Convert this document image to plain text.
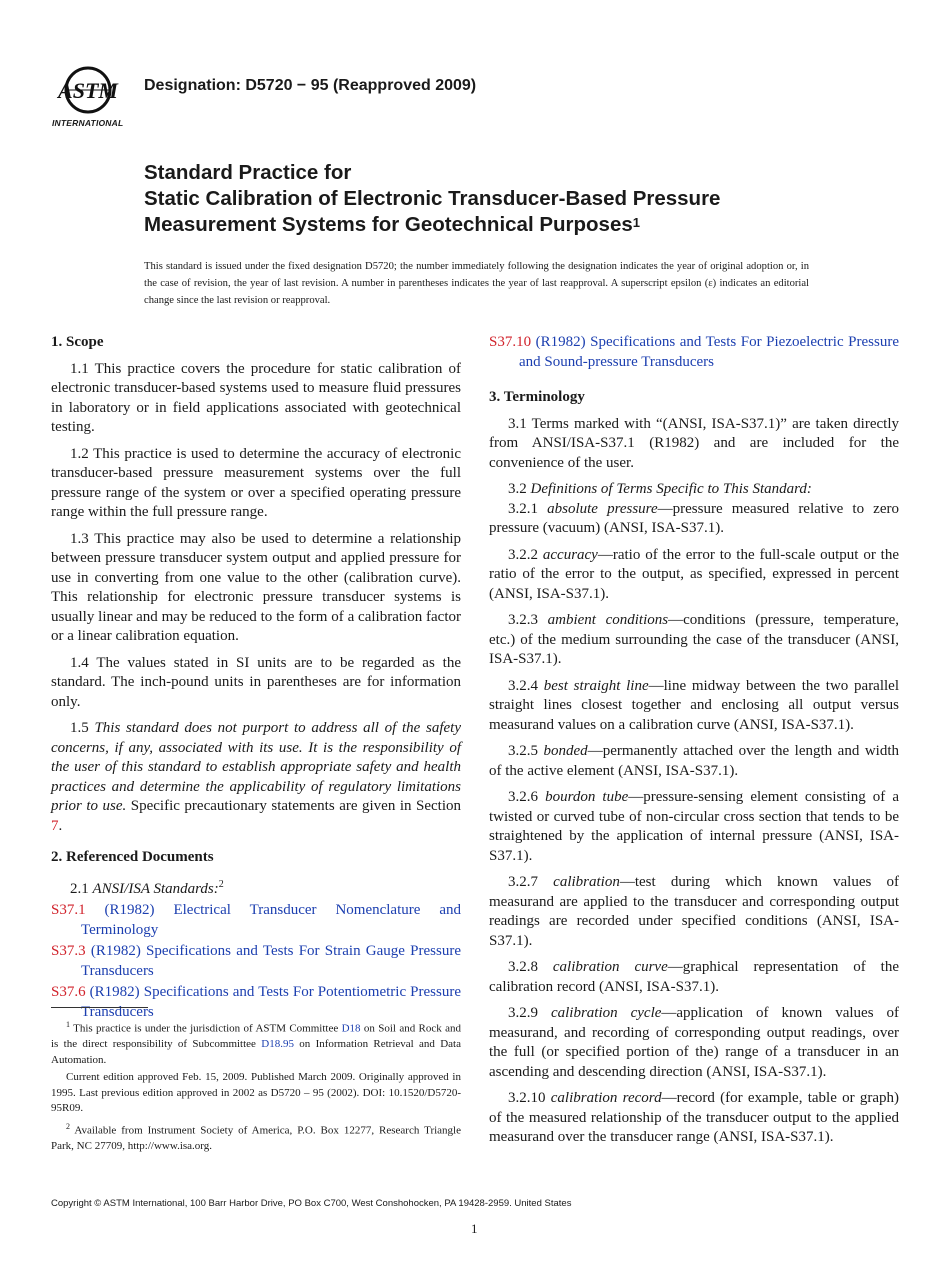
ASTM
INTERNATIONAL
Designation: D5720 − 95 (Reapproved 2009)
Standard Practice for
Static Calibration of Electronic Transducer-Based Pressure
Measurement Systems for Geotechnical Purposes$^1$
This standard is issued under the fixed designation D5720; the number immediately following the designation indicates the year of original adoption or, in the case of revision, the year of last revision. A number in parentheses indicates the year of last reapproval. A superscript epsilon (ε) indicates an editorial change since the last revision or reapproval.
1. Scope

1.1 This practice covers the procedure for static calibration of electronic transducer-based systems used to measure fluid pressures in laboratory or in field applications associated with geotechnical testing.

1.2 This practice is used to determine the accuracy of electronic transducer-based pressure measurement systems over the full pressure range of the system or over a specified operating pressure range within the full pressure range.

1.3 This practice may also be used to determine a relationship between pressure transducer system output and applied pressure for use in converting from one value to the other (calibration curve). This relationship for electronic pressure transducer systems is usually linear and may be reduced to the form of a calibration factor or a linear calibration equation.

1.4 The values stated in SI units are to be regarded as the standard. The inch-pound units in parentheses are for information only.

1.5 This standard does not purport to address all of the safety concerns, if any, associated with its use. It is the responsibility of the user of this standard to establish appropriate safety and health practices and determine the applicability of regulatory limitations prior to use. Specific precautionary statements are given in Section 7.

2. Referenced Documents

2.1 ANSI/ISA Standards:$^2$

S37.1 (R1982) Electrical Transducer Nomenclature and Terminology
S37.3 (R1982) Specifications and Tests For Strain Gauge Pressure Transducers
S37.6 (R1982) Specifications and Tests For Potentiometric Pressure Transducers

$^1$ This practice is under the jurisdiction of ASTM Committee D18 on Soil and Rock and is the direct responsibility of Subcommittee D18.95 on Information Retrieval and Data Automation.

Current edition approved Feb. 15, 2009. Published March 2009. Originally approved in 1995. Last previous edition approved in 2002 as D5720 – 95 (2002). DOI: 10.1520/D5720-95R09.

$^2$ Available from Instrument Society of America, P.O. Box 12277, Research Triangle Park, NC 27709, http://www.isa.org.

S37.10 (R1982) Specifications and Tests For Piezoelectric Pressure and Sound-pressure Transducers
3. Terminology

3.1 Terms marked with “(ANSI, ISA-S37.1)” are taken directly from ANSI/ISA-S37.1 (R1982) and are included for the convenience of the user.

3.2 Definitions of Terms Specific to This Standard:

3.2.1 absolute pressure—pressure measured relative to zero pressure (vacuum) (ANSI, ISA-S37.1).

3.2.2 accuracy—ratio of the error to the full-scale output or the ratio of the error to the output, as specified, expressed in percent (ANSI, ISA-S37.1).

3.2.3 ambient conditions—conditions (pressure, temperature, etc.) of the medium surrounding the case of the transducer (ANSI, ISA-S37.1).

3.2.4 best straight line—line midway between the two parallel straight lines closest together and enclosing all output versus measurand values on a calibration curve (ANSI, ISA-S37.1).

3.2.5 bonded—permanently attached over the length and width of the active element (ANSI, ISA-S37.1).

3.2.6 bourdon tube—pressure-sensing element consisting of a twisted or curved tube of non-circular cross section that tends to be straightened by the application of internal pressure (ANSI, ISA-S37.1).

3.2.7 calibration—test during which known values of measurand are applied to the transducer and corresponding output readings are recorded under specified conditions (ANSI, ISA-S37.1).

3.2.8 calibration curve—graphical representation of the calibration record (ANSI, ISA-S37.1).

3.2.9 calibration cycle—application of known values of measurand, and recording of corresponding output readings, over the full (or specified portion of the) range of a transducer in an ascending and descending direction (ANSI, ISA-S37.1).

3.2.10 calibration record—record (for example, table or graph) of the measured relationship of the transducer output to the applied measurand over the transducer range (ANSI, ISA-S37.1).

Copyright © ASTM International, 100 Barr Harbor Drive, PO Box C700, West Conshohocken, PA 19428-2959. United States
1
